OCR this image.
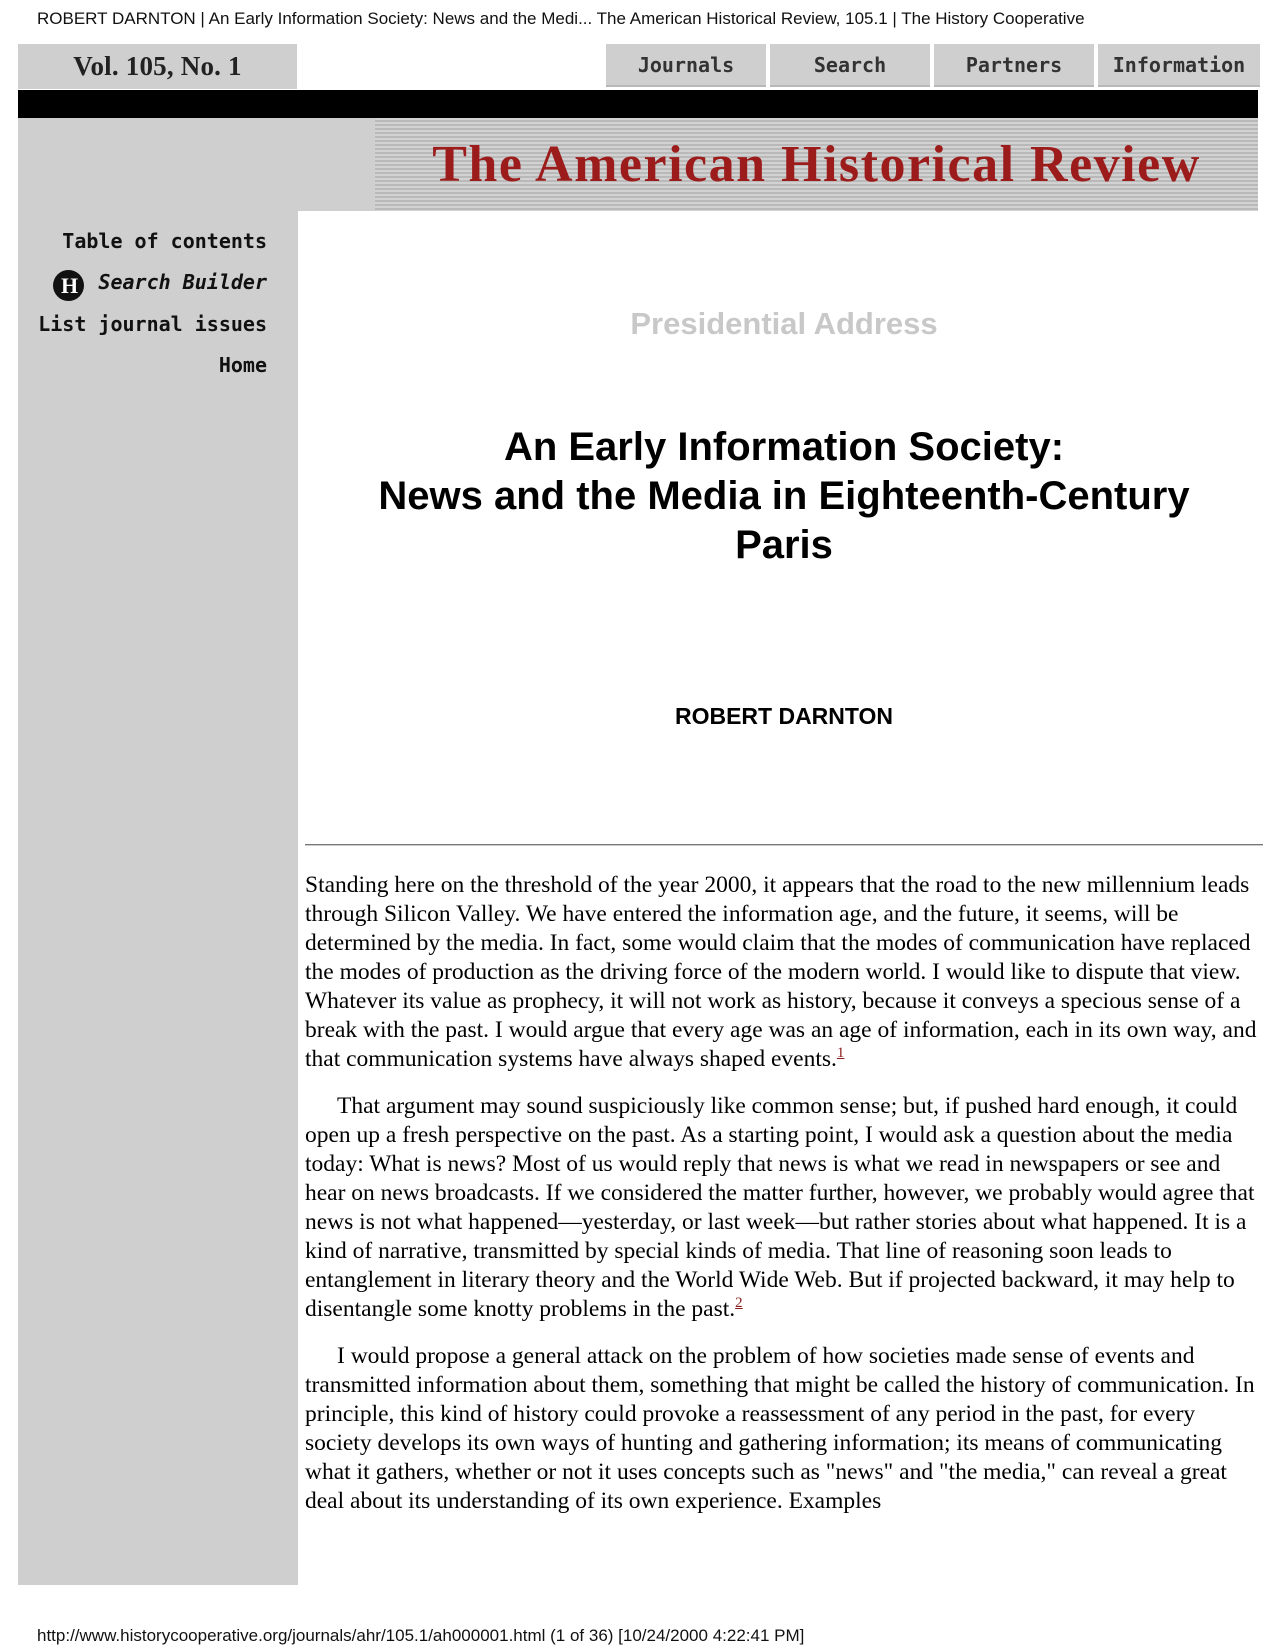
ROBERT DARNTON | An Early Information Society: News and the Medi... The American Historical Review, 105.1 | The History Cooperative
Vol. 105, No. 1	Journals	Search	Partners	Information
The American Historical Review
Table of contents
H Search Builder
List journal issues
Home
Presidential Address
An Early Information Society:
News and the Media in Eighteenth-Century
Paris
ROBERT DARNTON

Standing here on the threshold of the year 2000, it appears that the road to the new millennium leads through Silicon Valley. We have entered the information age, and the future, it seems, will be determined by the media. In fact, some would claim that the modes of communication have replaced the modes of production as the driving force of the modern world. I would like to dispute that view. Whatever its value as prophecy, it will not work as history, because it conveys a specious sense of a break with the past. I would argue that every age was an age of information, each in its own way, and that communication systems have always shaped events.$^1$

That argument may sound suspiciously like common sense; but, if pushed hard enough, it could open up a fresh perspective on the past. As a starting point, I would ask a question about the media today: What is news? Most of us would reply that news is what we read in newspapers or see and hear on news broadcasts. If we considered the matter further, however, we probably would agree that news is not what happened—yesterday, or last week—but rather stories about what happened. It is a kind of narrative, transmitted by special kinds of media. That line of reasoning soon leads to entanglement in literary theory and the World Wide Web. But if projected backward, it may help to disentangle some knotty problems in the past.$^2$

I would propose a general attack on the problem of how societies made sense of events and transmitted information about them, something that might be called the history of communication. In principle, this kind of history could provoke a reassessment of any period in the past, for every society develops its own ways of hunting and gathering information; its means of communicating what it gathers, whether or not it uses concepts such as "news" and "the media," can reveal a great deal about its understanding of its own experience. Examples

http://www.historycooperative.org/journals/ahr/105.1/ah000001.html (1 of 36) [10/24/2000 4:22:41 PM]
